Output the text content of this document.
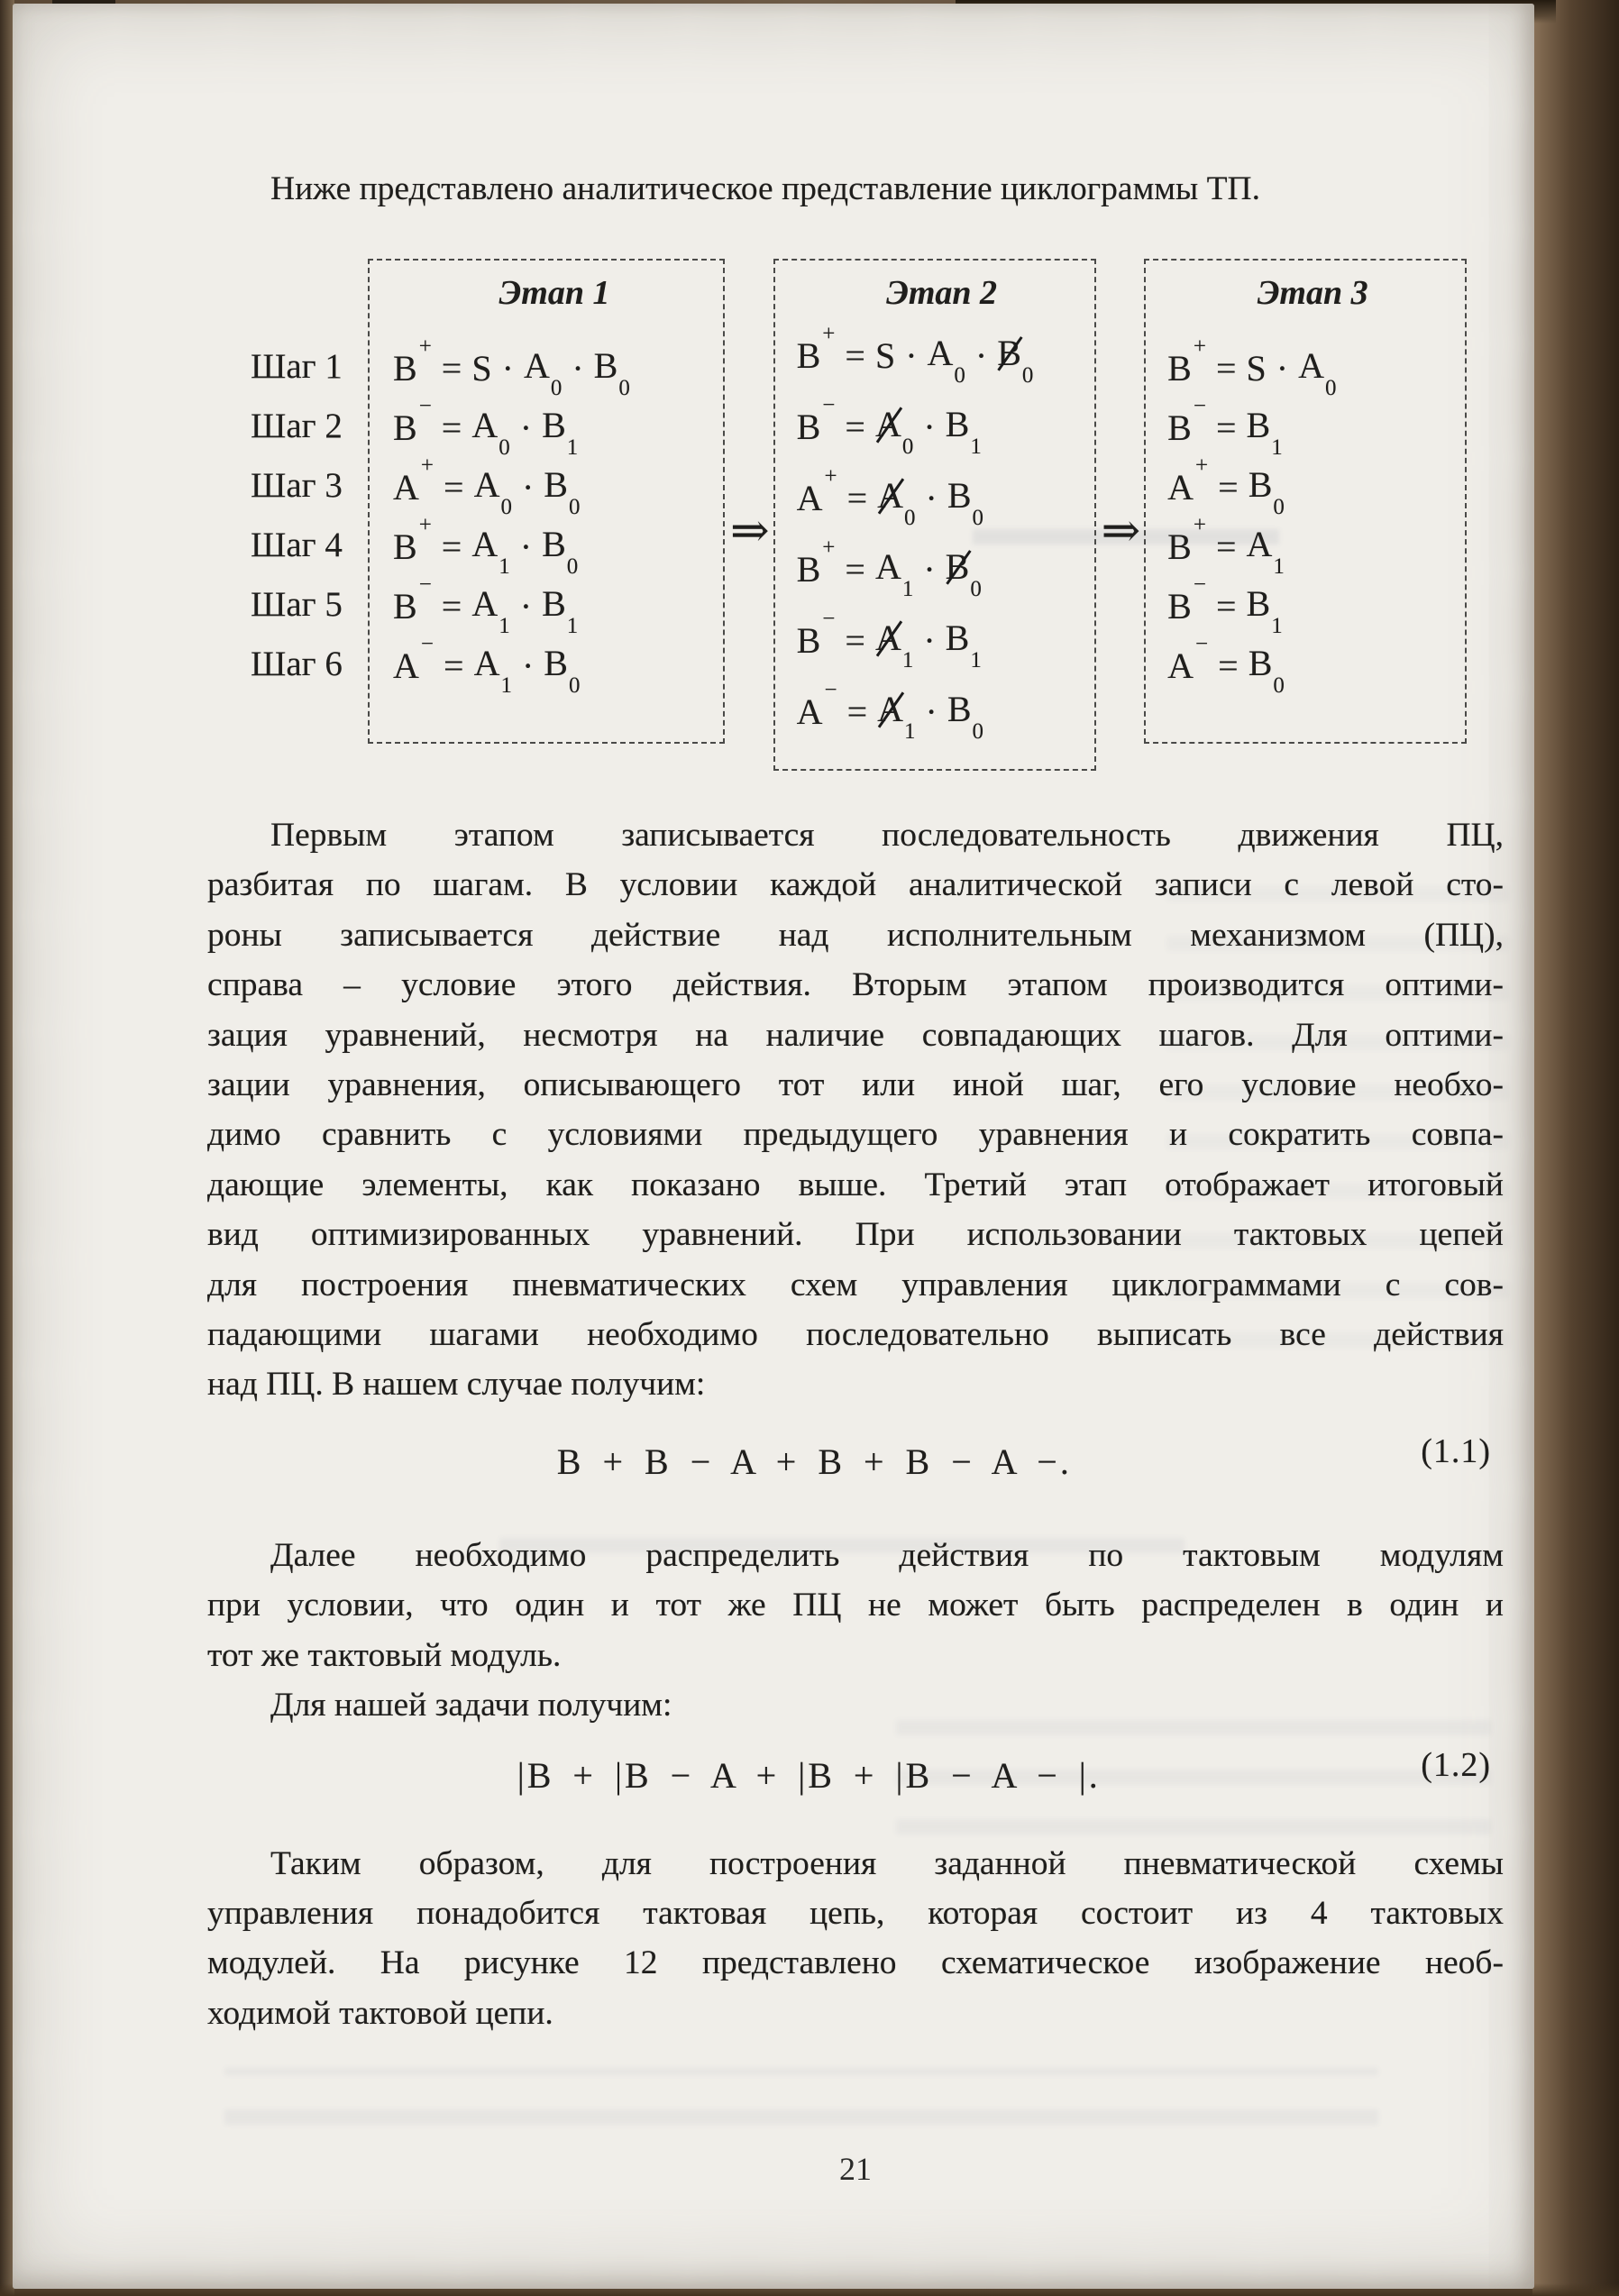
Ниже представлено аналитическое представление циклограммы ТП.

Шаг 1
Шаг 2
Шаг 3
Шаг 4
Шаг 5
Шаг 6
Этап 1
B+
= $S \cdot A_0 \cdot B_0$
B−
= $A_0 \cdot B_1$
A+
= $A_0 \cdot B_0$
B+
= $A_1 \cdot B_0$
B−
= $A_1 \cdot B_1$
A−
= $A_1 \cdot B_0$
⇒
Этап 2
B+
= $S \cdot A_0 \cdot B_0$
B−
= $A_0 \cdot B_1$
A+
= $A_0 \cdot B_0$
B+
= $A_1 \cdot B_0$
B−
= $A_1 \cdot B_1$
A−
= $A_1 \cdot B_0$
⇒
Этап 3
B+
= $S \cdot A_0$
B−
= $B_1$
A+
= $B_0$
B+
= $A_1$
B−
= $B_1$
A−
= $B_0$
Первым этапом записывается последовательность движения ПЦ,
разбитая по шагам. В условии каждой аналитической записи с левой сто-
роны записывается действие над исполнительным механизмом (ПЦ),
справа – условие этого действия. Вторым этапом производится оптими-
зация уравнений, несмотря на наличие совпадающих шагов. Для оптими-
зации уравнения, описывающего тот или иной шаг, его условие необхо-
димо сравнить с условиями предыдущего уравнения и сократить совпа-
дающие элементы, как показано выше. Третий этап отображает итоговый
вид оптимизированных уравнений. При использовании тактовых цепей
для построения пневматических схем управления циклограммами с сов-
падающими шагами необходимо последовательно выписать все действия
над ПЦ. В нашем случае получим:
B + B − A + B + B − A −.	(1.1)
Далее необходимо распределить действия по тактовым модулям
при условии, что один и тот же ПЦ не может быть распределен в один и
тот же тактовый модуль.

Для нашей задачи получим:

|B + |B − A + |B + |B − A − |.	(1.2)
Таким образом, для построения заданной пневматической схемы
управления понадобится тактовая цепь, которая состоит из 4 тактовых
модулей. На рисунке 12 представлено схематическое изображение необ-
ходимой тактовой цепи.
21
